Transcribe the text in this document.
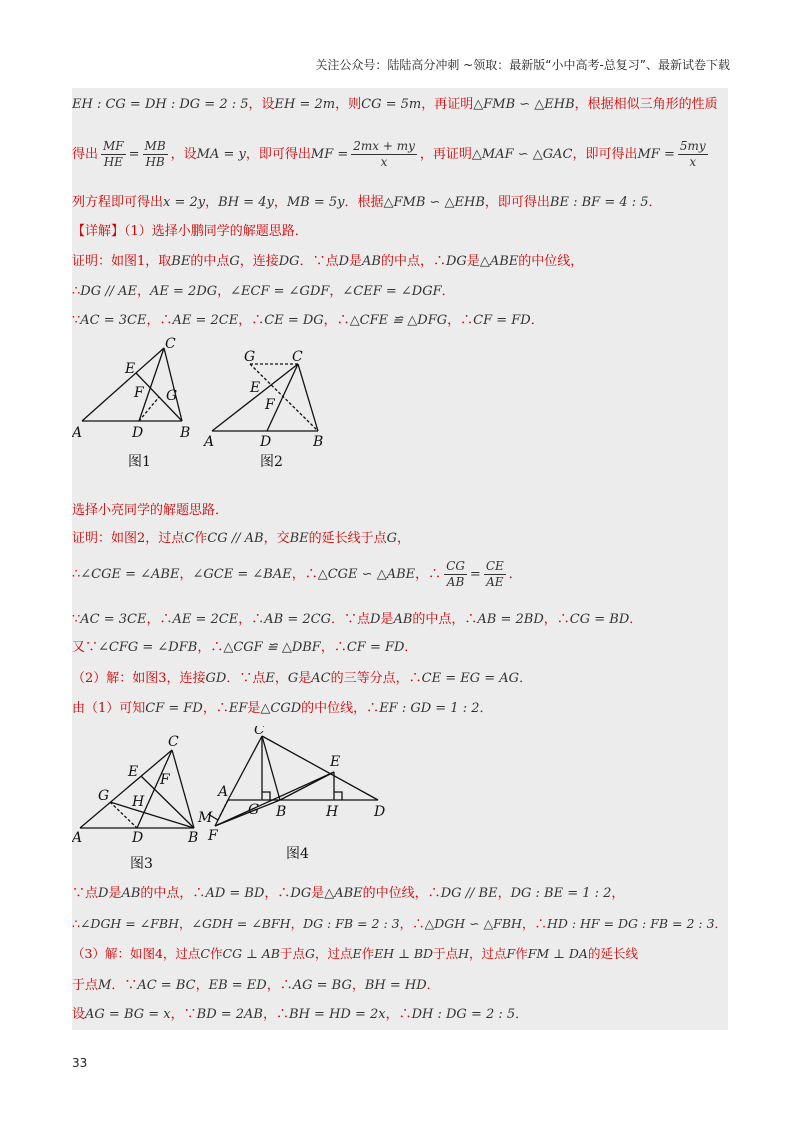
关注公众号：陆陆高分冲刺 ~领取：最新版“小中高考-总复习”、最新试卷下载
EH : CG = DH : DG = 2 : 5，设EH = 2m，则CG = 5m，再证明△FMB ∽ △EHB，根据相似三角形的性质
得出 $\frac{MF}{HE} = \frac{MB}{HB}$ ，设MA = y，即可得出MF = $\frac{2mx + my}{x}$ ，再证明△MAF ∽ △GAC，即可得出MF = $\frac{5my}{x}$
列方程即可得出x = 2y，BH = 4y，MB = 5y．根据△FMB ∽ △EHB，即可得出BE : BF = 4 : 5．
【详解】（1）选择小鹏同学的解题思路．
证明：如图1，取BE的中点G，连接DG．∵点D是AB的中点，∴DG是△ABE的中位线，
∴DG // AE，AE = 2DG，∠ECF = ∠GDF，∠CEF = ∠DGF．
∵AC = 3CE，∴AE = 2CE，∴CE = DG，∴△CFE ≌ △DFG，∴CF = FD．
A	B
C
D
E
F G
图1
A	B
C
D
E
F
G
图2
选择小亮同学的解题思路．
证明：如图2，过点C作CG // AB，交BE的延长线于点G，
∴∠CGE = ∠ABE，∠GCE = ∠BAE，∴△CGE ∽ △ABE，∴ $\frac{CG}{AB} = \frac{CE}{AE}$ ．
∵AC = 3CE，∴AE = 2CE，∴AB = 2CG．∵点D是AB的中点，∴AB = 2BD，∴CG = BD．
又∵∠CFG = ∠DFB，∴△CGF ≌ △DBF，∴CF = FD．
（2）解：如图3，连接GD．∵点E，G是AC的三等分点，∴CE = EG = AG．
由（1）可知CF = FD，∴EF是△CGD的中位线，∴EF : GD = 1 : 2．
A	B
C
D
E F
G H
图3
A
B
C
D
E
F
G	H
M
图4
∵点D是AB的中点，∴AD = BD，∴DG是△ABE的中位线，∴DG // BE，DG : BE = 1 : 2，
∴∠DGH = ∠FBH，∠GDH = ∠BFH，DG : FB = 2 : 3，∴△DGH ∽ △FBH，∴HD : HF = DG : FB = 2 : 3．
（3）解：如图4，过点C作CG ⊥ AB于点G，过点E作EH ⊥ BD于点H，过点F作FM ⊥ DA的延长线
于点M．∵AC = BC，EB = ED，∴AG = BG，BH = HD．
设AG = BG = x，∵BD = 2AB，∴BH = HD = 2x，∴DH : DG = 2 : 5．
33
